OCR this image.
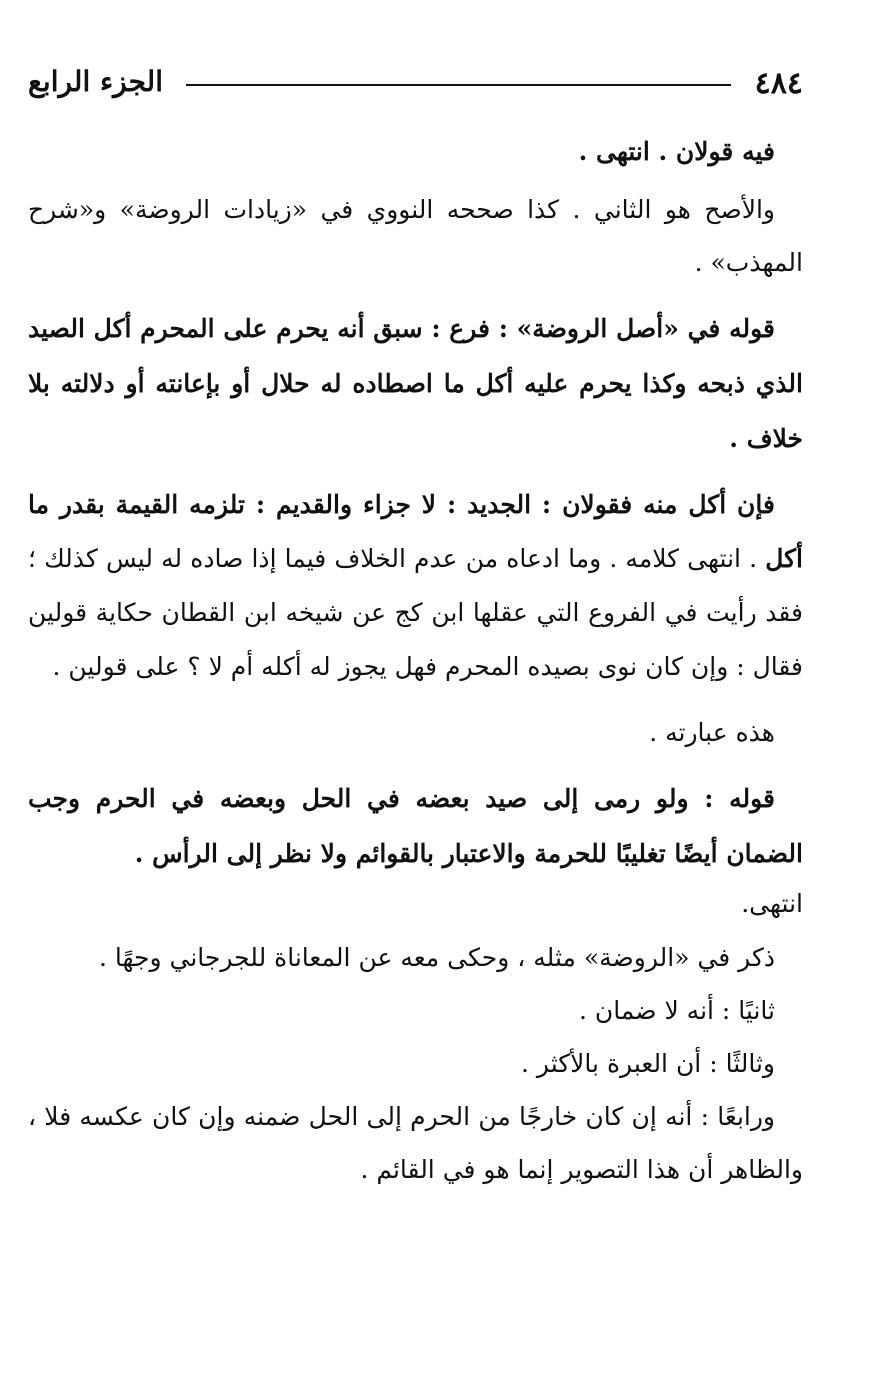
٤٨٤
الجزء الرابع

فيه قولان . انتهى .

والأصح هو الثاني . كذا صححه النووي في «زيادات الروضة» و«شرح المهذب» .

قوله في «أصل الروضة» : فرع : سبق أنه يحرم على المحرم أكل الصيد الذي ذبحه وكذا يحرم عليه أكل ما اصطاده له حلال أو بإعانته أو دلالته بلا خلاف .

فإن أكل منه فقولان : الجديد : لا جزاء والقديم : تلزمه القيمة بقدر ما أكل . انتهى كلامه . وما ادعاه من عدم الخلاف فيما إذا صاده له ليس كذلك ؛ فقد رأيت في الفروع التي عقلها ابن كج عن شيخه ابن القطان حكاية قولين فقال : وإن كان نوى بصيده المحرم فهل يجوز له أكله أم لا ؟ على قولين .

هذه عبارته .

قوله : ولو رمى إلى صيد بعضه في الحل وبعضه في الحرم وجب الضمان أيضًا تغليبًا للحرمة والاعتبار بالقوائم ولا نظر إلى الرأس .

انتهى.

ذكر في «الروضة» مثله ، وحكى معه عن المعاناة للجرجاني وجهًا .

ثانيًا : أنه لا ضمان .

وثالثًا : أن العبرة بالأكثر .

ورابعًا : أنه إن كان خارجًا من الحرم إلى الحل ضمنه وإن كان عكسه فلا ، والظاهر أن هذا التصوير إنما هو في القائم .
